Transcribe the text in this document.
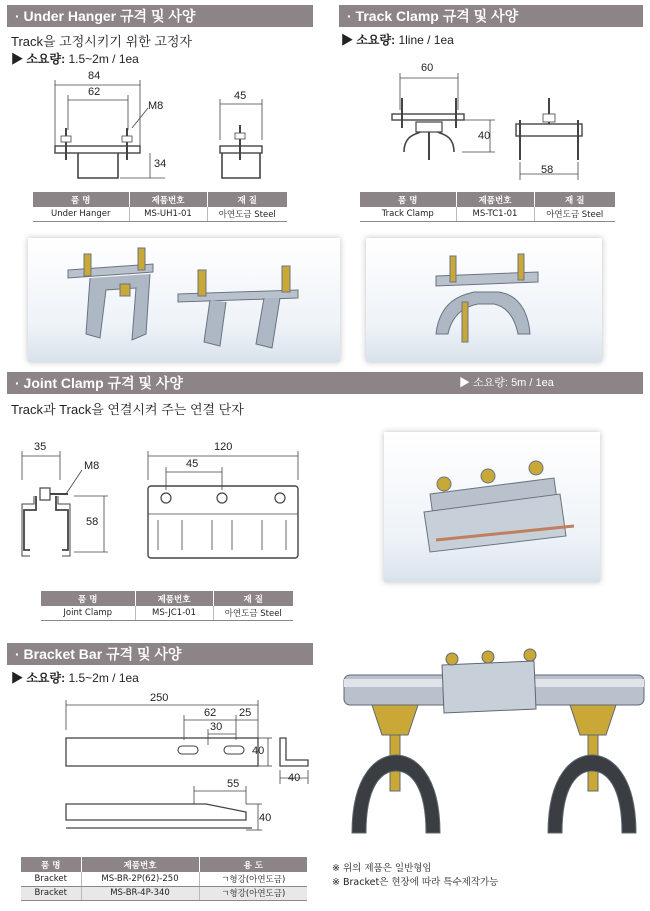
· Under Hanger 규격 및 사양
Track을 고정시키기 위한 고정자
▶ 소요량: 1.5~2m / 1ea
84
62
M8
34
45
품 명	제품번호	재 질
Under Hanger	MS-UH1-01	아연도금 Steel
· Track Clamp 규격 및 사양
▶ 소요량: 1line / 1ea
60
40
58
품 명	제품번호	재 질
Track Clamp	MS-TC1-01	아연도금 Steel
· Joint Clamp 규격 및 사양	▶ 소요량: 5m / 1ea
Track과 Track을 연결시켜 주는 연결 단자
35
M8
58
120
45
품 명	제품번호	재 질
Joint Clamp	MS-JC1-01	아연도금 Steel
· Bracket Bar 규격 및 사양
▶ 소요량: 1.5~2m / 1ea
250
62 25
30
40
40
55
40
품 명	제품번호	용 도
Bracket	MS-BR-2P(62)-250	ㄱ형강(아연도금)
Bracket	MS-BR-4P-340	ㄱ형강(아연도금)
※ 위의 제품은 일반형임
※ Bracket은 현장에 따라 특수제작가능
